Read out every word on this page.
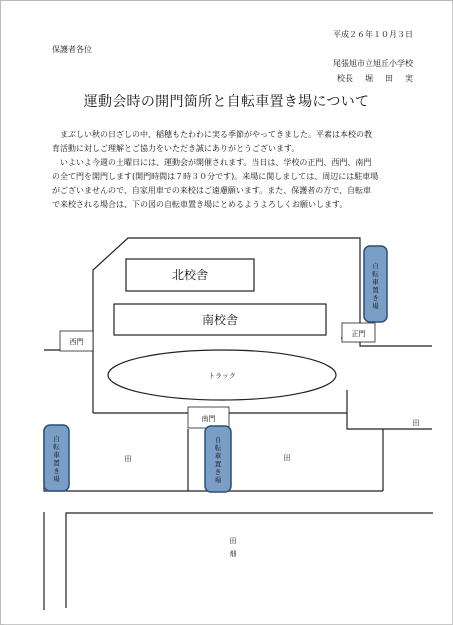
平成２６年１０月３日
保護者各位
尾張旭市立旭丘小学校
校長 堀 田 実
運動会時の開門箇所と自転車置き場について
　まぶしい秋の日ざしの中、稲穂もたわわに実る季節がやってきました。平素は本校の教
育活動に対しご理解とご協力をいただき誠にありがとうございます。
　いよいよ今週の土曜日には、運動会が開催されます。当日は、学校の正門、西門、南門
の全て門を開門します(開門時間は７時３０分です)。来場に関しましては、周辺には駐車場
がございませんので、自家用車での来校はご遠慮願います。また、保護者の方で、自転車
で来校される場合は、下の図の自転車置き場にとめるようよろしくお願いします。
北校舎
南校舎
トラック
西門
正門
南門
自
転
車
置
き
場
自
転
車
置
き
場
自
転
車
置
き
場
田	田
田
田
畑
